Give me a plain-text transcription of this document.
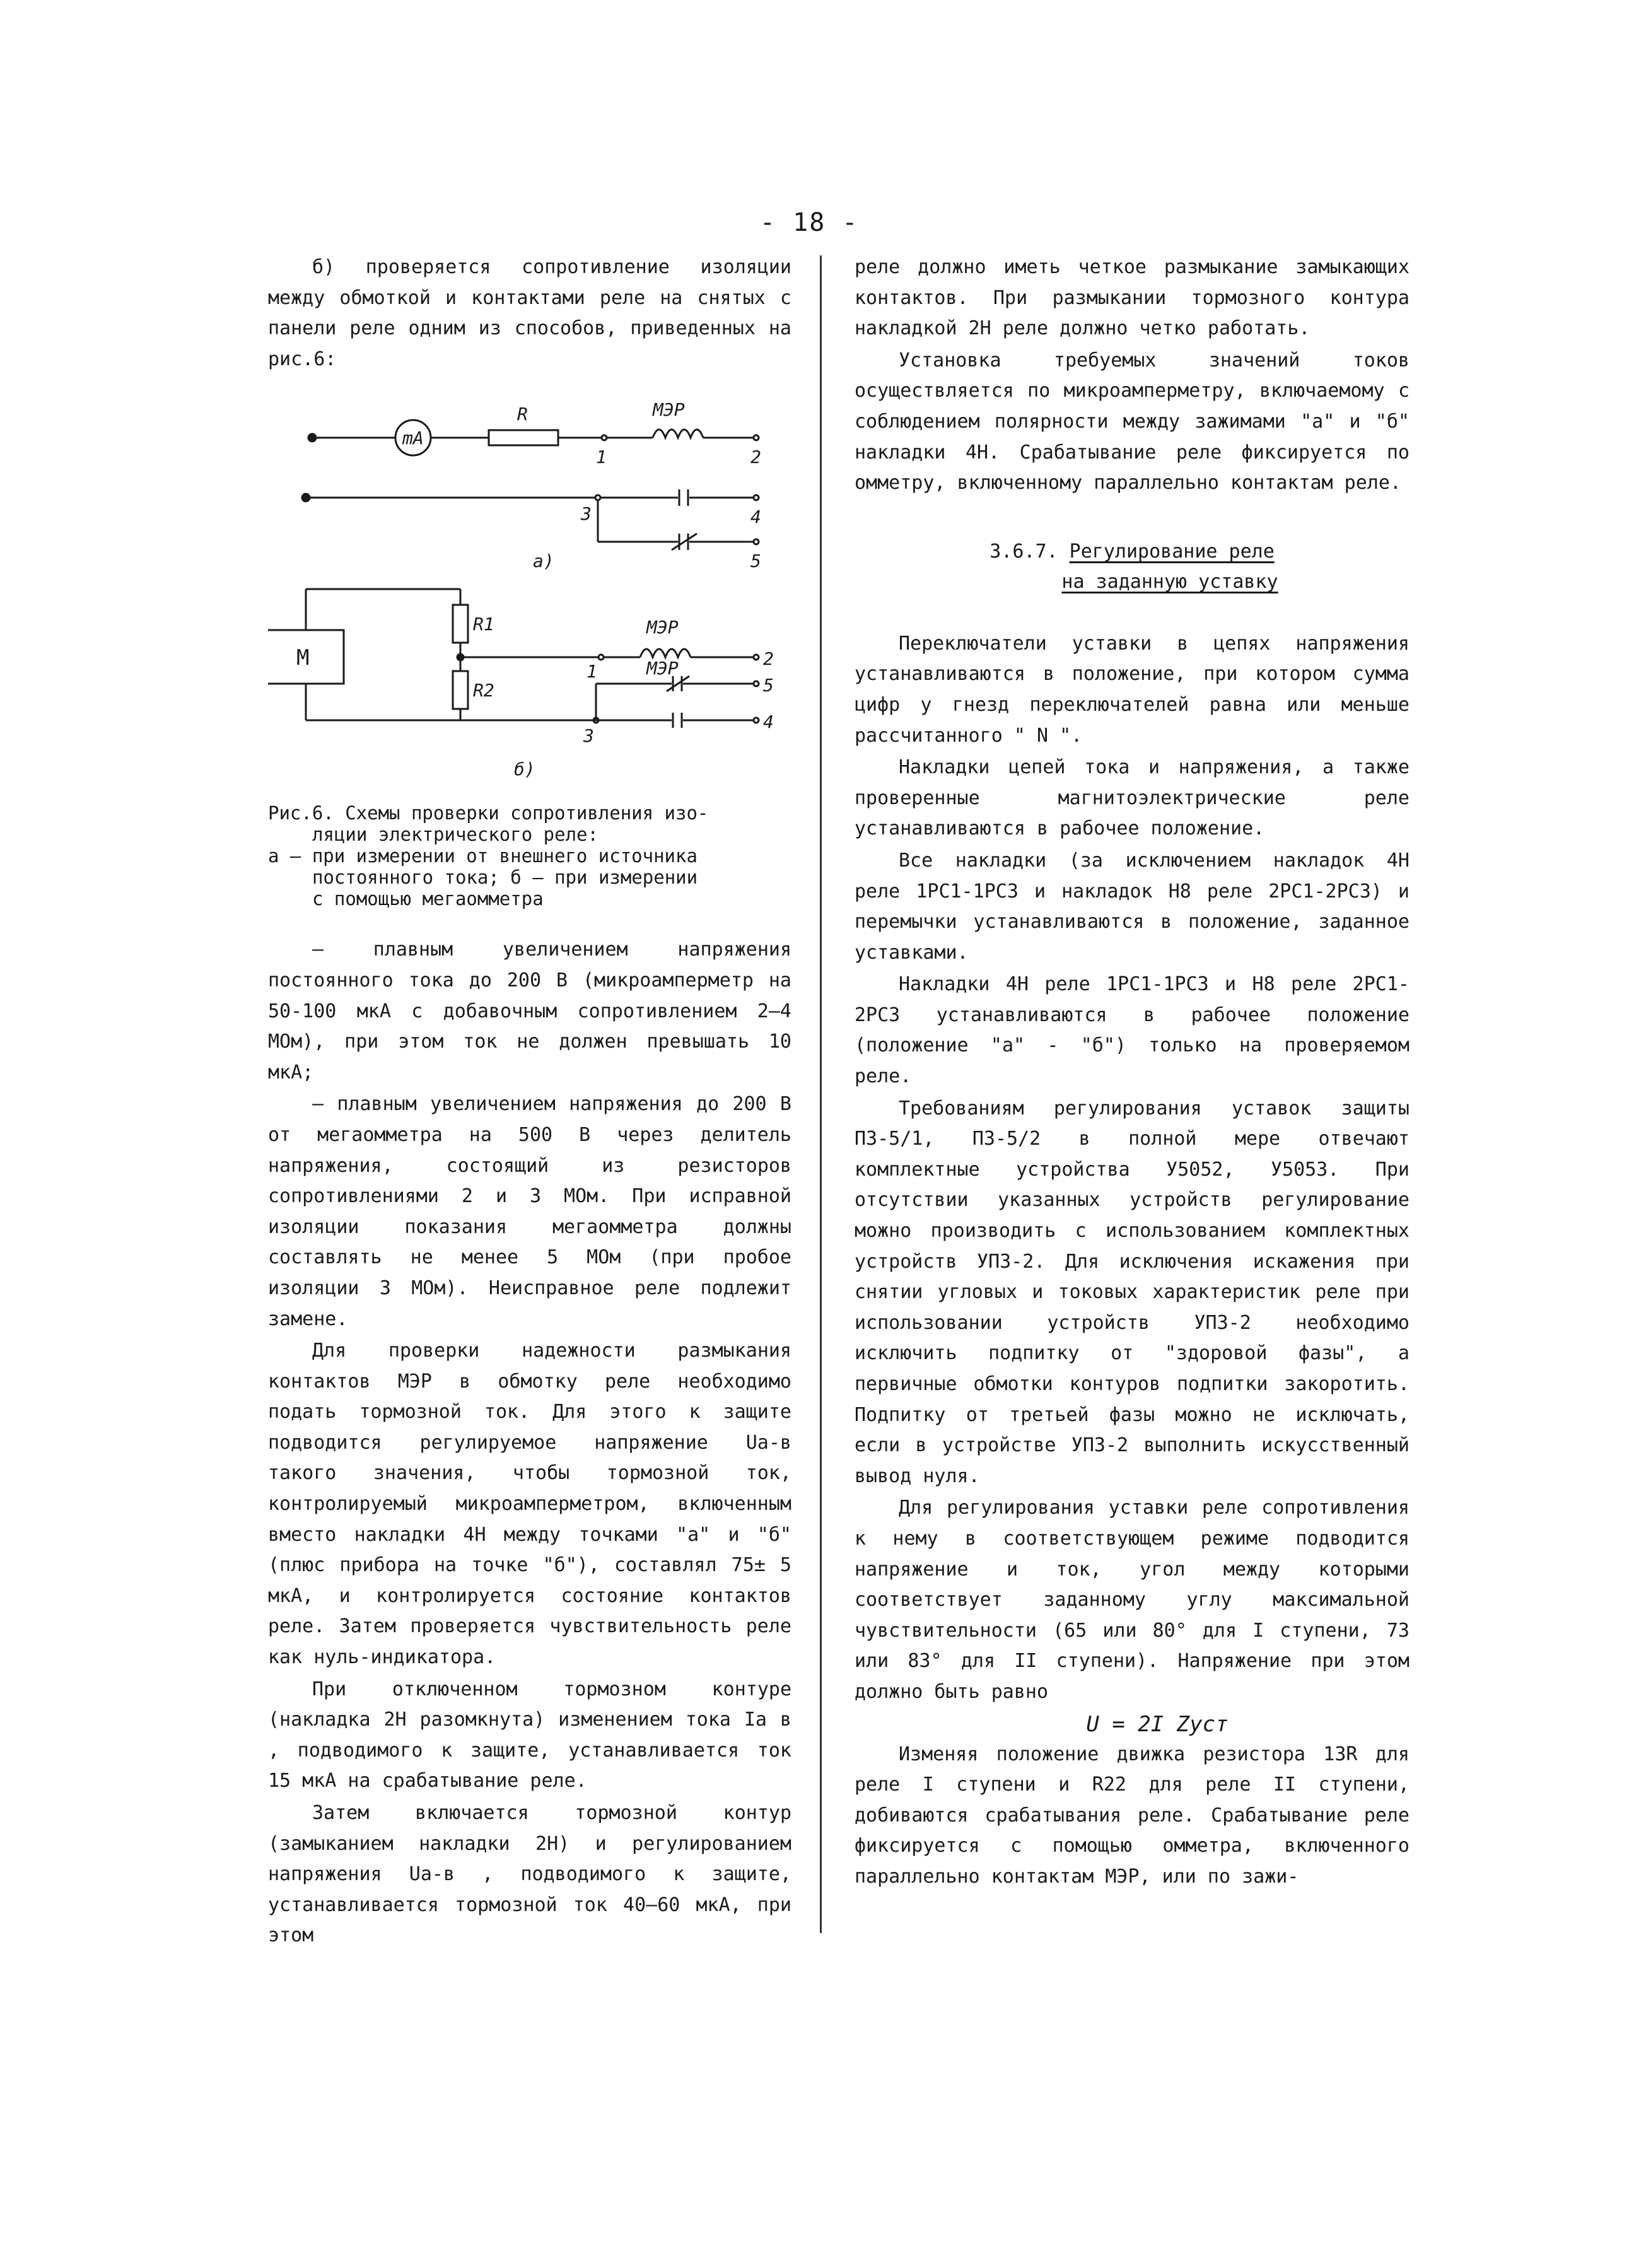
- 18 -

б) проверяется сопротивление изоляции между обмоткой и контактами реле на снятых с панели реле одним из способов, приведенных на рис.6:

mA
R	МЭР
1	2
3	4
5
а)
М
R1
R2
МЭР
МЭР
1
2
3
4
5
б)
Рис.6. Схемы проверки сопротивления изо-
ляции электрического реле:
а – при измерении от внешнего источника
постоянного тока; б – при измерении
с помощью мегаомметра

– плавным увеличением напряжения постоянного тока до 200 В (микроамперметр на 50-100 мкА с добавочным сопротивлением 2–4 МОм), при этом ток не должен превышать 10 мкА;

– плавным увеличением напряжения до 200 В от мегаомметра на 500 В через делитель напряжения, состоящий из резисторов сопротивлениями 2 и 3 МОм. При исправной изоляции показания мегаомметра должны составлять не менее 5 МОм (при пробое изоляции 3 МОм). Неисправное реле подлежит замене.

Для проверки надежности размыкания контактов МЭР в обмотку реле необходимо подать тормозной ток. Для этого к защите подводится регулируемое напряжение Uа-в такого значения, чтобы тормозной ток, контролируемый микроамперметром, включенным вместо накладки 4Н между точками "а" и "б" (плюс прибора на точке "б"), составлял 75± 5 мкА, и контролируется состояние контактов реле. Затем проверяется чувствительность реле как нуль-индикатора.

При отключенном тормозном контуре (накладка 2Н разомкнута) изменением тока Iа в , подводимого к защите, устанавливается ток 15 мкА на срабатывание реле.

Затем включается тормозной контур (замыканием накладки 2Н) и регулированием напряжения Uа-в , подводимого к защите, устанавливается тормозной ток 40–60 мкА, при этом

реле должно иметь четкое размыкание замыкающих контактов. При размыкании тормозного контура накладкой 2Н реле должно четко работать.

Установка требуемых значений токов осуществляется по микроамперметру, включаемому с соблюдением полярности между зажимами "а" и "б" накладки 4Н. Срабатывание реле фиксируется по омметру, включенному параллельно контактам реле.

3.6.7. Регулирование реле
на заданную уставку

Переключатели уставки в цепях напряжения устанавливаются в положение, при котором сумма цифр у гнезд переключателей равна или меньше рассчитанного " N ".

Накладки цепей тока и напряжения, а также проверенные магнитоэлектрические реле устанавливаются в рабочее положение.

Все накладки (за исключением накладок 4Н реле 1РС1-1РС3 и накладок Н8 реле 2РС1-2РС3) и перемычки устанавливаются в положение, заданное уставками.

Накладки 4Н реле 1РС1-1РС3 и Н8 реле 2РС1-2РС3 устанавливаются в рабочее положение (положение "а" - "б") только на проверяемом реле.

Требованиям регулирования уставок защиты ПЗ-5/1, ПЗ-5/2 в полной мере отвечают комплектные устройства У5052, У5053. При отсутствии указанных устройств регулирование можно производить с использованием комплектных устройств УПЗ-2. Для исключения искажения при снятии угловых и токовых характеристик реле при использовании устройств УПЗ-2 необходимо исключить подпитку от "здоровой фазы", а первичные обмотки контуров подпитки закоротить. Подпитку от третьей фазы можно не исключать, если в устройстве УПЗ-2 выполнить искусственный вывод нуля.

Для регулирования уставки реле сопротивления к нему в соответствующем режиме подводится напряжение и ток, угол между которыми соответствует заданному углу максимальной чувствительности (65 или 80° для I ступени, 73 или 83° для II ступени). Напряжение при этом должно быть равно

U = 2I Zуст

Изменяя положение движка резистора 13R для реле I ступени и R22 для реле II ступени, добиваются срабатывания реле. Срабатывание реле фиксируется с помощью омметра, включенного параллельно контактам МЭР, или по зажи-
